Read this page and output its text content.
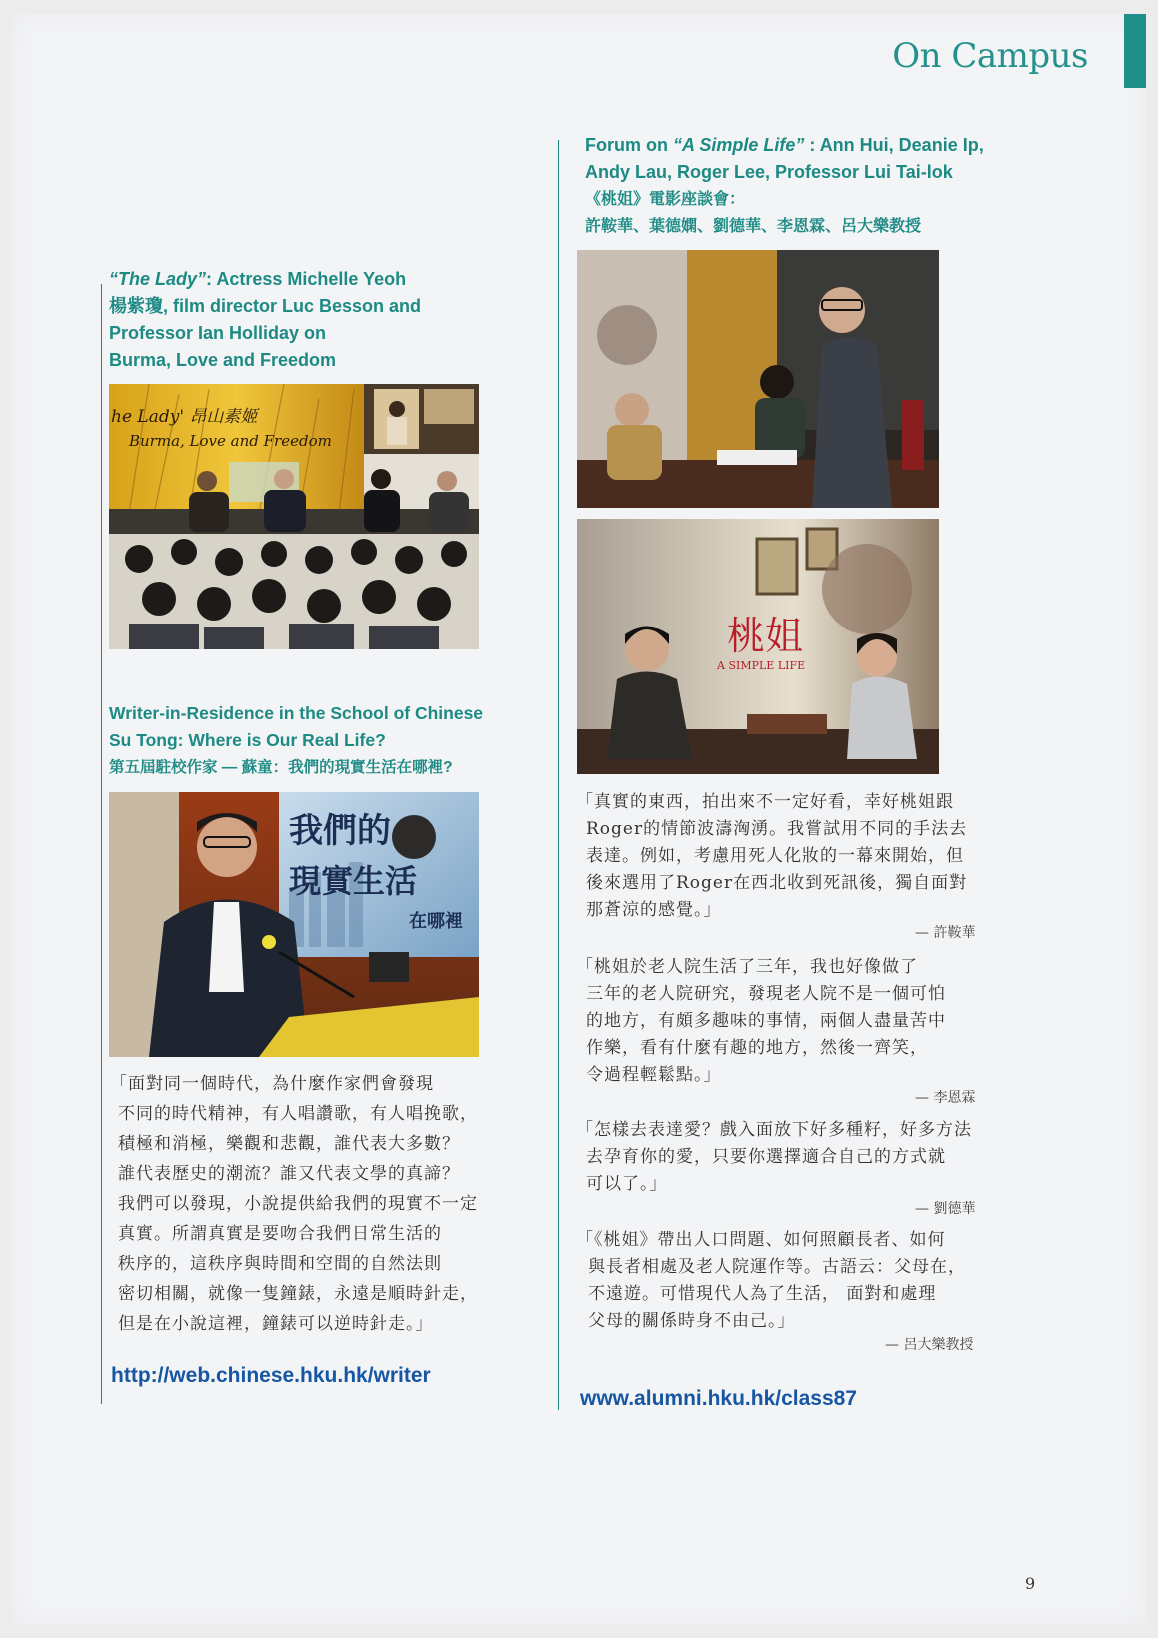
On Campus
“The Lady”: Actress Michelle Yeoh
楊紫瓊, film director Luc Besson and
Professor Ian Holliday on
Burma, Love and Freedom
he Lady' 昂山素姬
Burma, Love and Freedom
Writer-in-Residence in the School of Chinese
Su Tong: Where is Our Real Life?
第五屆駐校作家 — 蘇童：我們的現實生活在哪裡?
我們的
現實生活
在哪裡

「面對同一個時代，為什麼作家們會發現

不同的時代精神，有人唱讚歌，有人唱挽歌，

積極和消極，樂觀和悲觀，誰代表大多數？

誰代表歷史的潮流？誰又代表文學的真諦？

我們可以發現，小說提供給我們的現實不一定

真實。所謂真實是要吻合我們日常生活的

秩序的，這秩序與時間和空間的自然法則

密切相關，就像一隻鐘錶，永遠是順時針走，

但是在小說這裡，鐘錶可以逆時針走。」

http://web.chinese.hku.hk/writer
Forum on “A Simple Life” : Ann Hui, Deanie Ip,
Andy Lau, Roger Lee, Professor Lui Tai-lok
《桃姐》電影座談會：
許鞍華、葉德嫻、劉德華、李恩霖、呂大樂教授
桃姐
A SIMPLE LIFE

「真實的東西，拍出來不一定好看，幸好桃姐跟

Roger的情節波濤洶湧。我嘗試用不同的手法去

表達。例如，考慮用死人化妝的一幕來開始，但

後來選用了Roger在西北收到死訊後，獨自面對

那蒼涼的感覺。」

— 許鞍華

「桃姐於老人院生活了三年，我也好像做了

三年的老人院研究，發現老人院不是一個可怕

的地方，有頗多趣味的事情，兩個人盡量苦中

作樂，看有什麼有趣的地方，然後一齊笑，

令過程輕鬆點。」

— 李恩霖

「怎樣去表達愛？戲入面放下好多種籽，好多方法

去孕育你的愛，只要你選擇適合自己的方式就

可以了。」

— 劉德華

「《桃姐》帶出人口問題、如何照顧長者、如何

與長者相處及老人院運作等。古語云：父母在，

不遠遊。可惜現代人為了生活， 面對和處理

父母的關係時身不由己。」

— 呂大樂教授
www.alumni.hku.hk/class87
9
